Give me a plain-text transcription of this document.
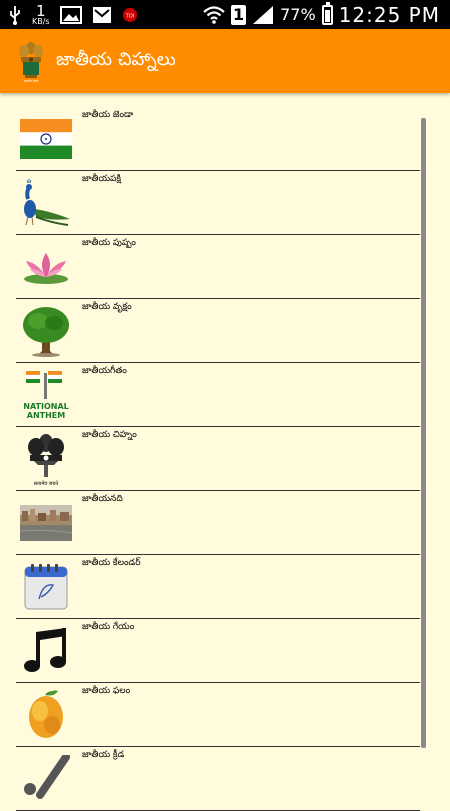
1
KB/s
TOI	1 77% 12:25 PM
सत्यमेव जयते
జాతీయ చిహ్నాలు
జాతీయ జెండా
జాతీయపక్షి
జాతీయ పుష్పం
జాతీయ వృక్షం
NATIONAL
ANTHEM
జాతీయగీతం
सत्यमेव जयते
జాతీయ చిహ్నం
జాతీయనది
జాతీయ కేలండర్
జాతీయ గేయం
జాతీయ ఫలం
జాతీయ క్రీడ
